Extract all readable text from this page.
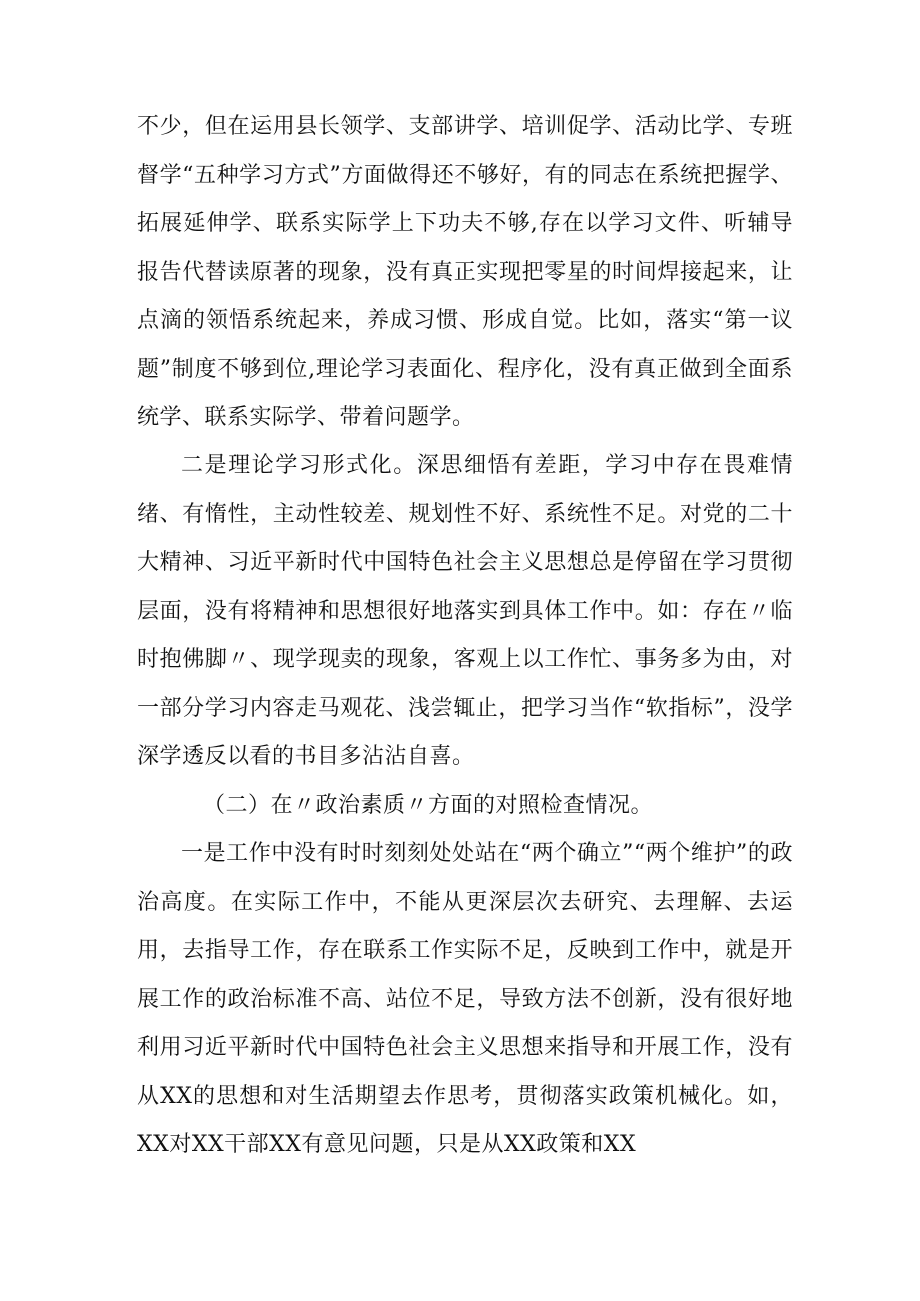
不少，但在运用县长领学、支部讲学、培训促学、活动比学、专班督学“五种学习方式”方面做得还不够好，有的同志在系统把握学、拓展延伸学、联系实际学上下功夫不够,存在以学习文件、听辅导报告代替读原著的现象，没有真正实现把零星的时间焊接起来，让点滴的领悟系统起来，养成习惯、形成自觉。比如，落实“第一议题”制度不够到位,理论学习表面化、程序化，没有真正做到全面系统学、联系实际学、带着问题学。

二是理论学习形式化。深思细悟有差距，学习中存在畏难情绪、有惰性，主动性较差、规划性不好、系统性不足。对党的二十大精神、习近平新时代中国特色社会主义思想总是停留在学习贯彻层面，没有将精神和思想很好地落实到具体工作中。如：存在〃临时抱佛脚〃、现学现卖的现象，客观上以工作忙、事务多为由，对一部分学习内容走马观花、浅尝辄止，把学习当作“软指标”，没学深学透反以看的书目多沾沾自喜。

（二）在〃政治素质〃方面的对照检查情况。

一是工作中没有时时刻刻处处站在“两个确立”“两个维护”的政治高度。在实际工作中，不能从更深层次去研究、去理解、去运用，去指导工作，存在联系工作实际不足，反映到工作中，就是开展工作的政治标准不高、站位不足，导致方法不创新，没有很好地利用习近平新时代中国特色社会主义思想来指导和开展工作，没有从XX的思想和对生活期望去作思考，贯彻落实政策机械化。如，XX对XX干部XX有意见问题，只是从XX政策和XX
